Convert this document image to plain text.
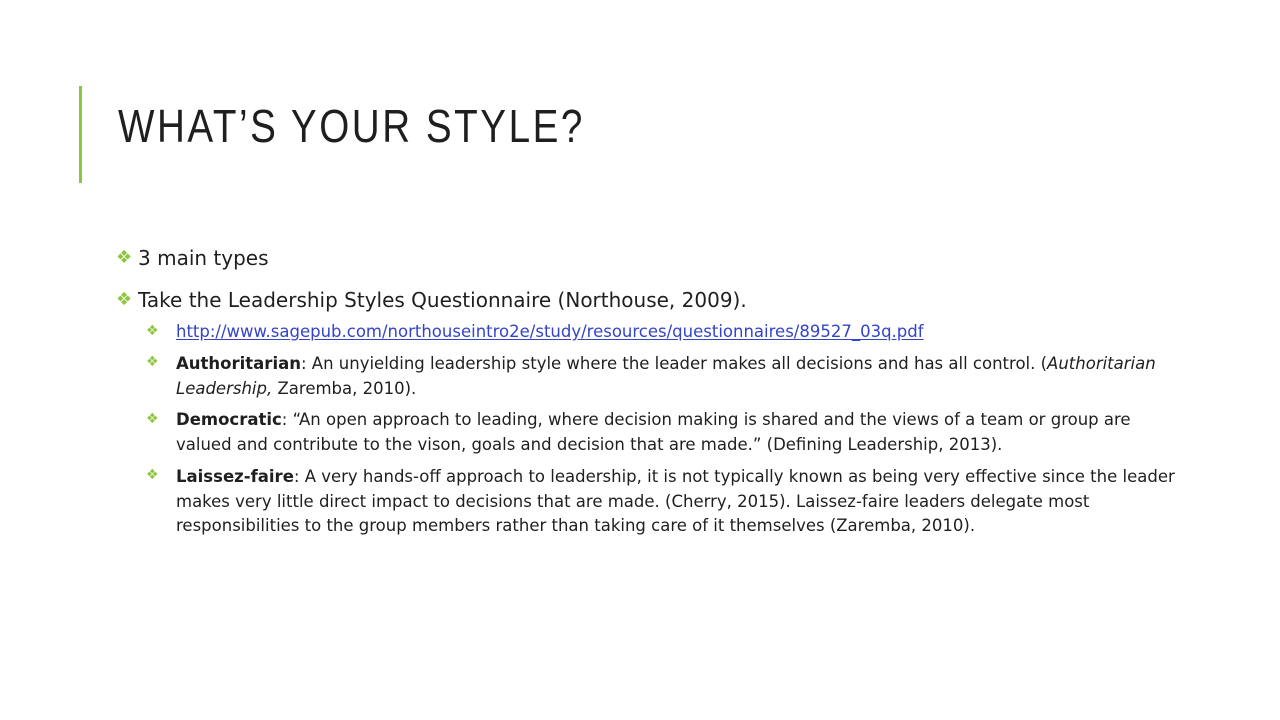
WHAT’S YOUR STYLE?
❖ 3 main types
❖ Take the Leadership Styles Questionnaire (Northouse, 2009).
❖ http://www.sagepub.com/northouseintro2e/study/resources/questionnaires/89527_03q.pdf
❖ Authoritarian: An unyielding leadership style where the leader makes all decisions and has all control. (Authoritarian Leadership, Zaremba, 2010).
❖ Democratic: “An open approach to leading, where decision making is shared and the views of a team or group are valued and contribute to the vison, goals and decision that are made.” (Defining Leadership, 2013).
❖ Laissez-faire: A very hands-off approach to leadership, it is not typically known as being very effective since the leader makes very little direct impact to decisions that are made. (Cherry, 2015). Laissez-faire leaders delegate most responsibilities to the group members rather than taking care of it themselves (Zaremba, 2010).
